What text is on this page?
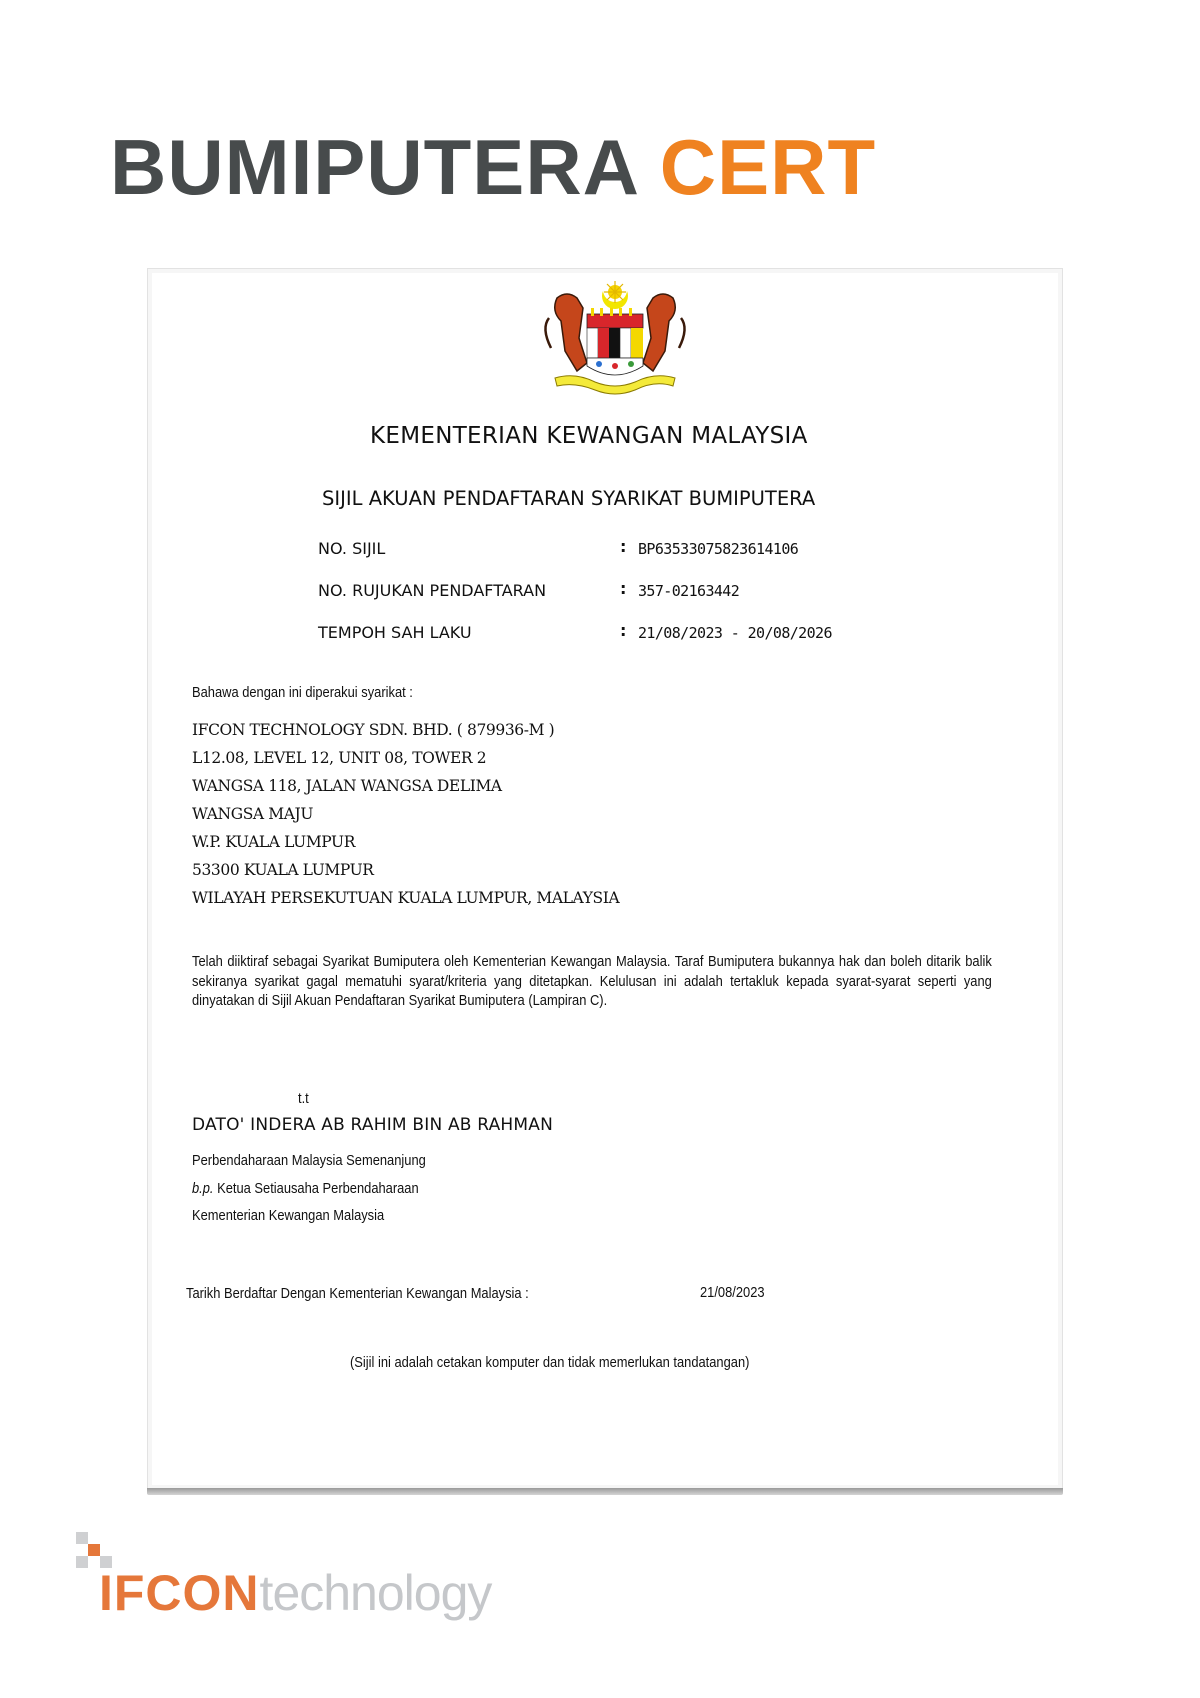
BUMIPUTERA CERT
KEMENTERIAN KEWANGAN MALAYSIA
SIJIL AKUAN PENDAFTARAN SYARIKAT BUMIPUTERA
NO. SIJIL	: BP63533075823614106
NO. RUJUKAN PENDAFTARAN	: 357-02163442
TEMPOH SAH LAKU	: 21/08/2023 - 20/08/2026
Bahawa dengan ini diperakui syarikat :
IFCON TECHNOLOGY SDN. BHD. ( 879936-M )
L12.08, LEVEL 12, UNIT 08, TOWER 2
WANGSA 118, JALAN WANGSA DELIMA
WANGSA MAJU
W.P. KUALA LUMPUR
53300 KUALA LUMPUR
WILAYAH PERSEKUTUAN KUALA LUMPUR, MALAYSIA
Telah diiktiraf sebagai Syarikat Bumiputera oleh Kementerian Kewangan Malaysia. Taraf Bumiputera bukannya hak dan boleh ditarik balik sekiranya syarikat gagal mematuhi syarat/kriteria yang ditetapkan. Kelulusan ini adalah tertakluk kepada syarat-syarat seperti yang dinyatakan di Sijil Akuan Pendaftaran Syarikat Bumiputera (Lampiran C).
t.t
DATO' INDERA AB RAHIM BIN AB RAHMAN
Perbendaharaan Malaysia Semenanjung
b.p. Ketua Setiausaha Perbendaharaan
Kementerian Kewangan Malaysia
Tarikh Berdaftar Dengan Kementerian Kewangan Malaysia :	21/08/2023
(Sijil ini adalah cetakan komputer dan tidak memerlukan tandatangan)
IFCONtechnology
